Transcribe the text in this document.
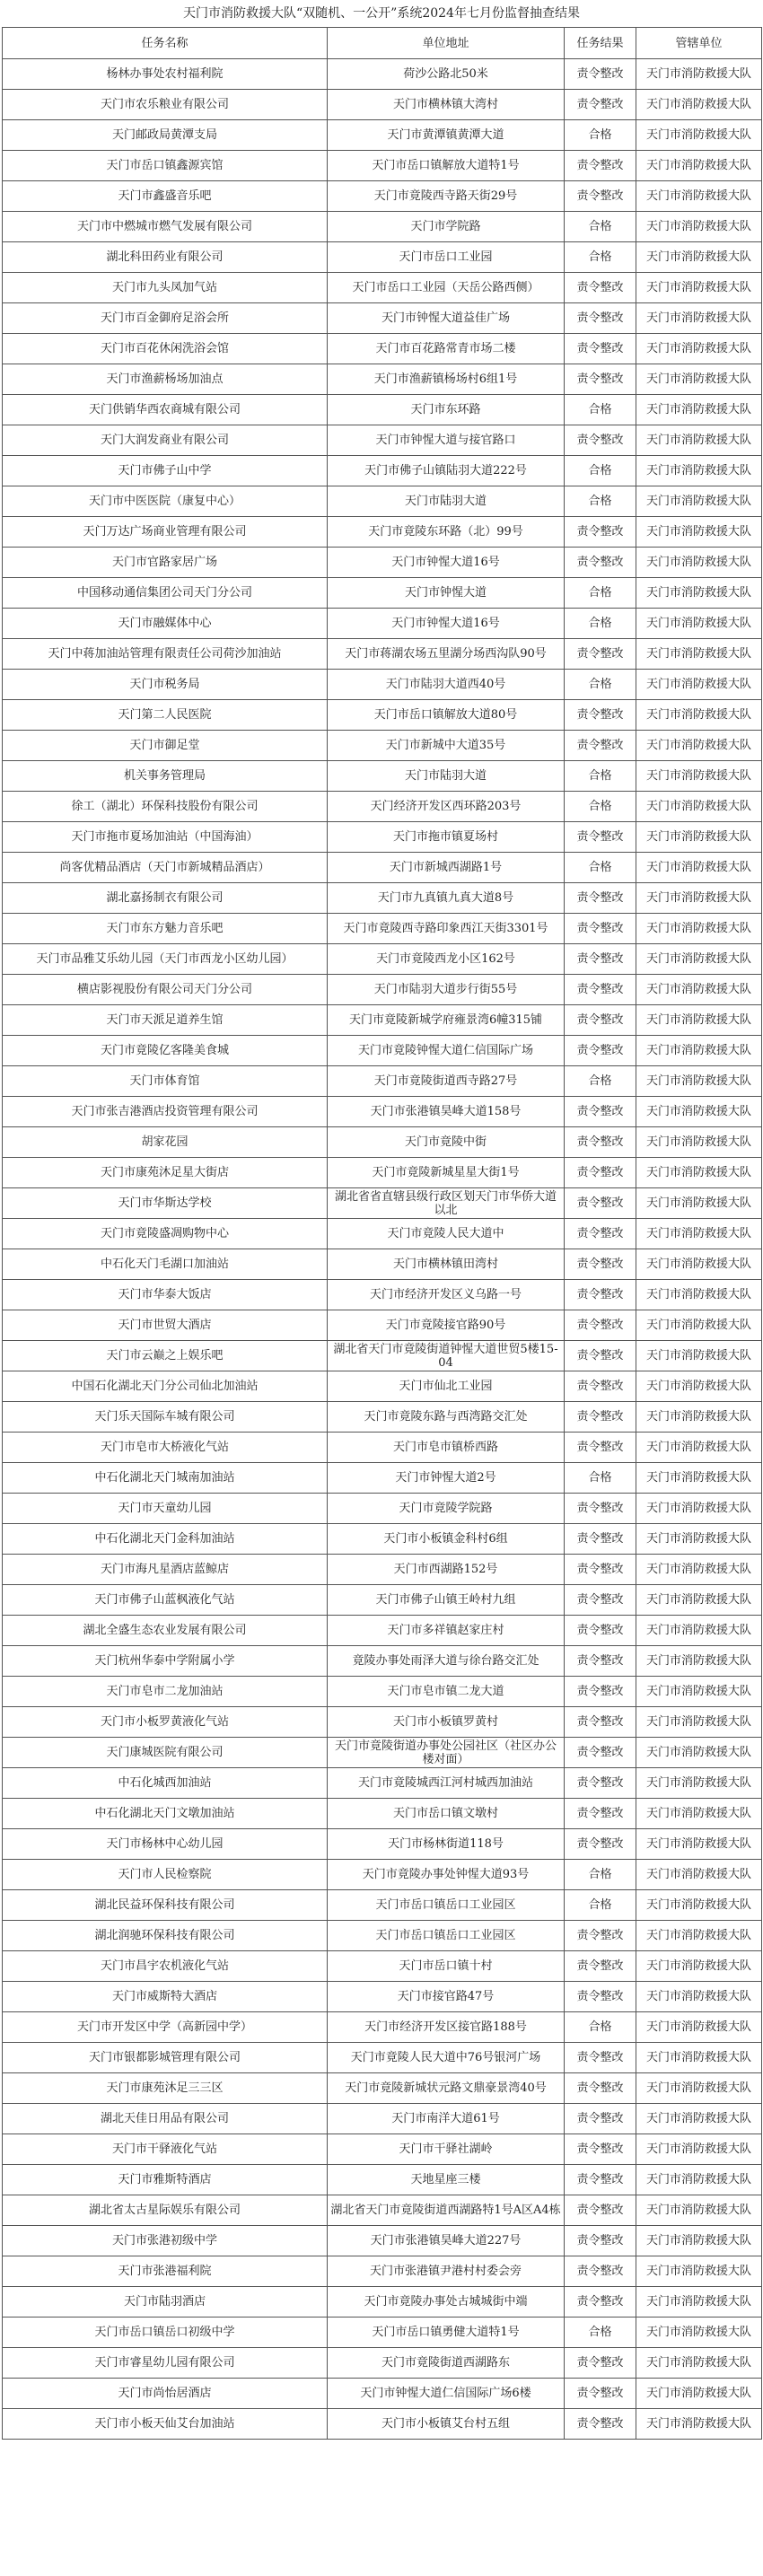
天门市消防救援大队“双随机、一公开”系统2024年七月份监督抽查结果
任务名称	单位地址	任务结果	管辖单位
杨林办事处农村福利院	荷沙公路北50米	责令整改	天门市消防救援大队
天门市农乐粮业有限公司	天门市横林镇大湾村	责令整改	天门市消防救援大队
天门邮政局黄潭支局	天门市黄潭镇黄潭大道	合格	天门市消防救援大队
天门市岳口镇鑫源宾馆	天门市岳口镇解放大道特1号	责令整改	天门市消防救援大队
天门市鑫盛音乐吧	天门市竟陵西寺路天街29号	责令整改	天门市消防救援大队
天门市中燃城市燃气发展有限公司	天门市学院路	合格	天门市消防救援大队
湖北科田药业有限公司	天门市岳口工业园	合格	天门市消防救援大队
天门市九头凤加气站	天门市岳口工业园（天岳公路西侧）	责令整改	天门市消防救援大队
天门市百金御府足浴会所	天门市钟惺大道益佳广场	责令整改	天门市消防救援大队
天门市百花休闲洗浴会馆	天门市百花路常青市场二楼	责令整改	天门市消防救援大队
天门市渔薪杨场加油点	天门市渔薪镇杨场村6组1号	责令整改	天门市消防救援大队
天门供销华西农商城有限公司	天门市东环路	合格	天门市消防救援大队
天门大润发商业有限公司	天门市钟惺大道与接官路口	责令整改	天门市消防救援大队
天门市佛子山中学	天门市佛子山镇陆羽大道222号	合格	天门市消防救援大队
天门市中医医院（康复中心）	天门市陆羽大道	合格	天门市消防救援大队
天门万达广场商业管理有限公司	天门市竟陵东环路（北）99号	责令整改	天门市消防救援大队
天门市官路家居广场	天门市钟惺大道16号	责令整改	天门市消防救援大队
中国移动通信集团公司天门分公司	天门市钟惺大道	合格	天门市消防救援大队
天门市融媒体中心	天门市钟惺大道16号	合格	天门市消防救援大队
天门中蒋加油站管理有限责任公司荷沙加油站	天门市蒋湖农场五里湖分场西沟队90号	责令整改	天门市消防救援大队
天门市税务局	天门市陆羽大道西40号	合格	天门市消防救援大队
天门第二人民医院	天门市岳口镇解放大道80号	责令整改	天门市消防救援大队
天门市御足堂	天门市新城中大道35号	责令整改	天门市消防救援大队
机关事务管理局	天门市陆羽大道	合格	天门市消防救援大队
徐工（湖北）环保科技股份有限公司	天门经济开发区西环路203号	合格	天门市消防救援大队
天门市拖市夏场加油站（中国海油）	天门市拖市镇夏场村	责令整改	天门市消防救援大队
尚客优精品酒店（天门市新城精品酒店）	天门市新城西湖路1号	合格	天门市消防救援大队
湖北嘉扬制衣有限公司	天门市九真镇九真大道8号	责令整改	天门市消防救援大队
天门市东方魅力音乐吧	天门市竟陵西寺路印象西江天街3301号	责令整改	天门市消防救援大队
天门市品雅艾乐幼儿园（天门市西龙小区幼儿园）	天门市竟陵西龙小区162号	责令整改	天门市消防救援大队
横店影视股份有限公司天门分公司	天门市陆羽大道步行街55号	责令整改	天门市消防救援大队
天门市天派足道养生馆	天门市竟陵新城学府雍景湾6幢315铺	责令整改	天门市消防救援大队
天门市竟陵亿客隆美食城	天门市竟陵钟惺大道仁信国际广场	责令整改	天门市消防救援大队
天门市体育馆	天门市竟陵街道西寺路27号	合格	天门市消防救援大队
天门市张吉港酒店投资管理有限公司	天门市张港镇昊峰大道158号	责令整改	天门市消防救援大队
胡家花园	天门市竟陵中街	责令整改	天门市消防救援大队
天门市康苑沐足星大街店	天门市竟陵新城星星大街1号	责令整改	天门市消防救援大队
天门市华斯达学校	湖北省省直辖县级行政区划天门市华侨大道以北	责令整改	天门市消防救援大队
天门市竟陵盛凋购物中心	天门市竟陵人民大道中	责令整改	天门市消防救援大队
中石化天门毛湖口加油站	天门市横林镇田湾村	责令整改	天门市消防救援大队
天门市华泰大饭店	天门市经济开发区义乌路一号	责令整改	天门市消防救援大队
天门市世贸大酒店	天门市竟陵接官路90号	责令整改	天门市消防救援大队
天门市云巅之上娱乐吧	湖北省天门市竟陵街道钟惺大道世贸5楼15-04	责令整改	天门市消防救援大队
中国石化湖北天门分公司仙北加油站	天门市仙北工业园	责令整改	天门市消防救援大队
天门乐天国际车城有限公司	天门市竟陵东路与西湾路交汇处	责令整改	天门市消防救援大队
天门市皂市大桥液化气站	天门市皂市镇桥西路	责令整改	天门市消防救援大队
中石化湖北天门城南加油站	天门市钟惺大道2号	合格	天门市消防救援大队
天门市天童幼儿园	天门市竟陵学院路	责令整改	天门市消防救援大队
中石化湖北天门金科加油站	天门市小板镇金科村6组	责令整改	天门市消防救援大队
天门市海凡星酒店蓝鲸店	天门市西湖路152号	责令整改	天门市消防救援大队
天门市佛子山蓝枫液化气站	天门市佛子山镇王岭村九组	责令整改	天门市消防救援大队
湖北全盛生态农业发展有限公司	天门市多祥镇赵家庄村	责令整改	天门市消防救援大队
天门杭州华泰中学附属小学	竟陵办事处雨泽大道与徐台路交汇处	责令整改	天门市消防救援大队
天门市皂市二龙加油站	天门市皂市镇二龙大道	责令整改	天门市消防救援大队
天门市小板罗黄液化气站	天门市小板镇罗黄村	责令整改	天门市消防救援大队
天门康城医院有限公司	天门市竟陵街道办事处公园社区（社区办公楼对面）	责令整改	天门市消防救援大队
中石化城西加油站	天门市竟陵城西江河村城西加油站	责令整改	天门市消防救援大队
中石化湖北天门文墩加油站	天门市岳口镇文墩村	责令整改	天门市消防救援大队
天门市杨林中心幼儿园	天门市杨林街道118号	责令整改	天门市消防救援大队
天门市人民检察院	天门市竟陵办事处钟惺大道93号	合格	天门市消防救援大队
湖北民益环保科技有限公司	天门市岳口镇岳口工业园区	合格	天门市消防救援大队
湖北润驰环保科技有限公司	天门市岳口镇岳口工业园区	责令整改	天门市消防救援大队
天门市昌宇农机液化气站	天门市岳口镇十村	责令整改	天门市消防救援大队
天门市威斯特大酒店	天门市接官路47号	责令整改	天门市消防救援大队
天门市开发区中学（高新园中学）	天门市经济开发区接官路188号	合格	天门市消防救援大队
天门市银都影城管理有限公司	天门市竟陵人民大道中76号银河广场	责令整改	天门市消防救援大队
天门市康苑沐足三三区	天门市竟陵新城状元路文鼎豪景湾40号	责令整改	天门市消防救援大队
湖北天佳日用品有限公司	天门市南洋大道61号	责令整改	天门市消防救援大队
天门市干驿液化气站	天门市干驿社湖岭	责令整改	天门市消防救援大队
天门市雅斯特酒店	天地星座三楼	责令整改	天门市消防救援大队
湖北省太古星际娱乐有限公司	湖北省天门市竟陵街道西湖路特1号A区A4栋	责令整改	天门市消防救援大队
天门市张港初级中学	天门市张港镇昊峰大道227号	责令整改	天门市消防救援大队
天门市张港福利院	天门市张港镇尹港村村委会旁	责令整改	天门市消防救援大队
天门市陆羽酒店	天门市竟陵办事处古城城街中端	责令整改	天门市消防救援大队
天门市岳口镇岳口初级中学	天门市岳口镇勇健大道特1号	合格	天门市消防救援大队
天门市睿星幼儿园有限公司	天门市竟陵街道西湖路东	责令整改	天门市消防救援大队
天门市尚怡居酒店	天门市钟惺大道仁信国际广场6楼	责令整改	天门市消防救援大队
天门市小板天仙艾台加油站	天门市小板镇艾台村五组	责令整改	天门市消防救援大队
